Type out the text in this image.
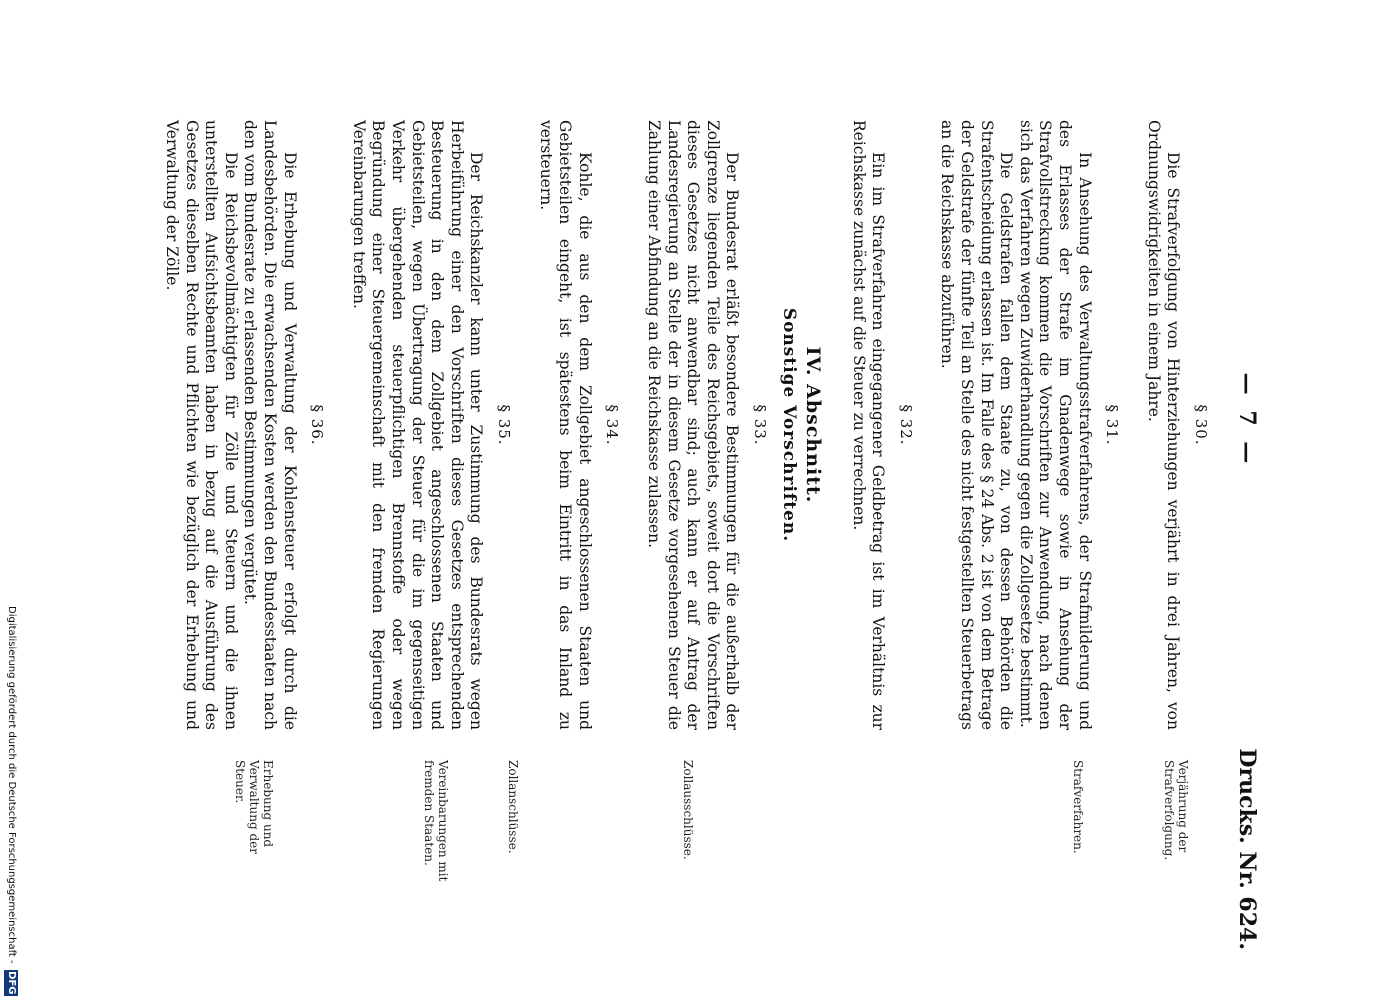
— 7 —
Drucks. Nr. 624.
§ 30.

Die Strafverfolgung von Hinterziehungen verjährt in drei Jahren, von Ordnungswidrigkeiten in einem Jahre.

§ 31.

In Ansehung des Verwaltungsstrafverfahrens, der Strafmilderung und des Erlasses der Strafe im Gnadenwege sowie in Ansehung der Strafvollstreckung kommen die Vorschriften zur Anwendung, nach denen sich das Verfahren wegen Zuwiderhandlung gegen die Zollgesetze bestimmt.

Die Geldstrafen fallen dem Staate zu, von dessen Behörden die Strafentscheidung erlassen ist. Im Falle des § 24 Abs. 2 ist von dem Betrage der Geldstrafe der fünfte Teil an Stelle des nicht festgestellten Steuerbetrags an die Reichskasse abzuführen.

§ 32.

Ein im Strafverfahren eingegangener Geldbetrag ist im Verhältnis zur Reichskasse zunächst auf die Steuer zu verrechnen.

IV. Abschnitt.
Sonstige Vorschriften.
§ 33.

Der Bundesrat erläßt besondere Bestimmungen für die außerhalb der Zollgrenze liegenden Teile des Reichsgebiets, soweit dort die Vorschriften dieses Gesetzes nicht anwendbar sind; auch kann er auf Antrag der Landesregierung an Stelle der in diesem Gesetze vorgesehenen Steuer die Zahlung einer Abfindung an die Reichskasse zulassen.

§ 34.

Kohle, die aus den dem Zollgebiet angeschlossenen Staaten und Gebietsteilen eingeht, ist spätestens beim Eintritt in das Inland zu versteuern.

§ 35.

Der Reichskanzler kann unter Zustimmung des Bundesrats wegen Herbeiführung einer den Vorschriften dieses Gesetzes entsprechenden Besteuerung in den dem Zollgebiet angeschlossenen Staaten und Gebietsteilen, wegen Übertragung der Steuer für die im gegenseitigen Verkehr übergehenden steuerpflichtigen Brennstoffe oder wegen Begründung einer Steuergemeinschaft mit den fremden Regierungen Vereinbarungen treffen.

§ 36.

Die Erhebung und Verwaltung der Kohlensteuer erfolgt durch die Landesbehörden. Die erwachsenden Kosten werden den Bundesstaaten nach den vom Bundesrate zu erlassenden Bestimmungen vergütet.

Die Reichsbevollmächtigten für Zölle und Steuern und die ihnen unterstellten Aufsichtsbeamten haben in bezug auf die Ausführung des Gesetzes dieselben Rechte und Pflichten wie bezüglich der Erhebung und Verwaltung der Zölle.

Verjährung der Strafverfolgung.
Strafverfahren.
Zollausschlüsse.
Zollanschlüsse.
Vereinbarungen mit fremden Staaten.
Erhebung und Verwaltung der Steuer.
Digitalisierung gefördert durch die Deutsche Forschungsgemeinschaft -
DFG
